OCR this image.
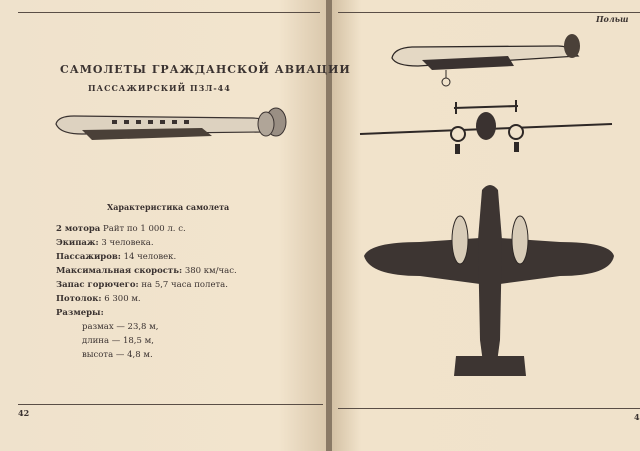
САМОЛЕТЫ ГРАЖДАНСКОЙ АВИАЦИИ
ПАССАЖИРСКИЙ ПЗЛ-44
Характеристика самолета
2 мотора Райт по 1 000 л. с.
Экипаж: 3 человека.
Пассажиров: 14 человек.
Максимальная скорость: 380 км/час.
Запас горючего: на 5,7 часа полета.
Потолок: 6 300 м.
Размеры:
размах — 23,8 м,
длина — 18,5 м,
высота — 4,8 м.
42
Польш
4
